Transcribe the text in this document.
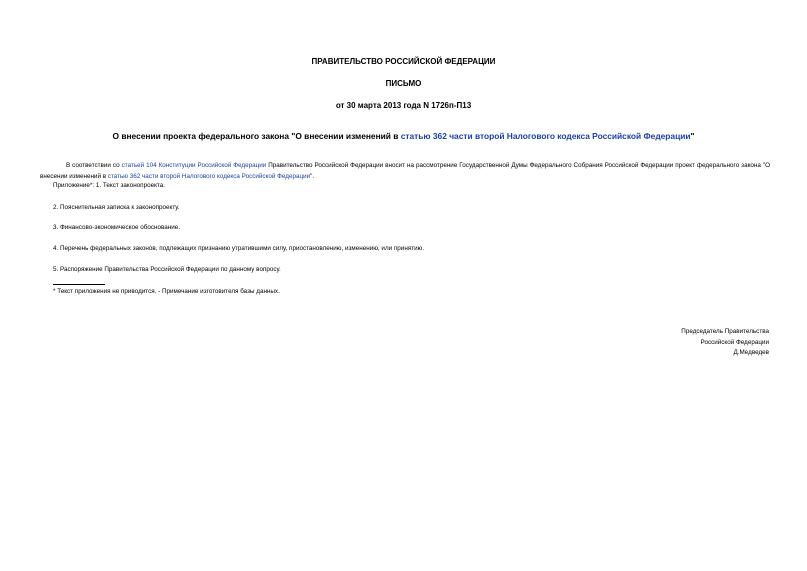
ПРАВИТЕЛЬСТВО РОССИЙСКОЙ ФЕДЕРАЦИИ
ПИСЬМО
от 30 марта 2013 года N 1726п-П13
О внесении проекта федерального закона "О внесении изменений в статью 362 части второй Налогового кодекса Российской Федерации"
В соответствии со статьей 104 Конституции Российской Федерации Правительство Российской Федерации вносит на рассмотрение Государственной Думы Федерального Собрания Российской Федерации проект федерального закона "О внесении изменений в статью 362 части второй Налогового кодекса Российской Федерации".
Приложение*: 1. Текст законопроекта.
2. Пояснительная записка к законопроекту.
3. Финансово-экономическое обоснование.
4. Перечень федеральных законов, подлежащих признанию утратившими силу, приостановлению, изменению, или принятию.
5. Распоряжение Правительства Российской Федерации по данному вопросу.
* Текст приложения не приводится. - Примечание изготовителя базы данных.
Председатель Правительства
Российской Федерации
Д.Медведев
